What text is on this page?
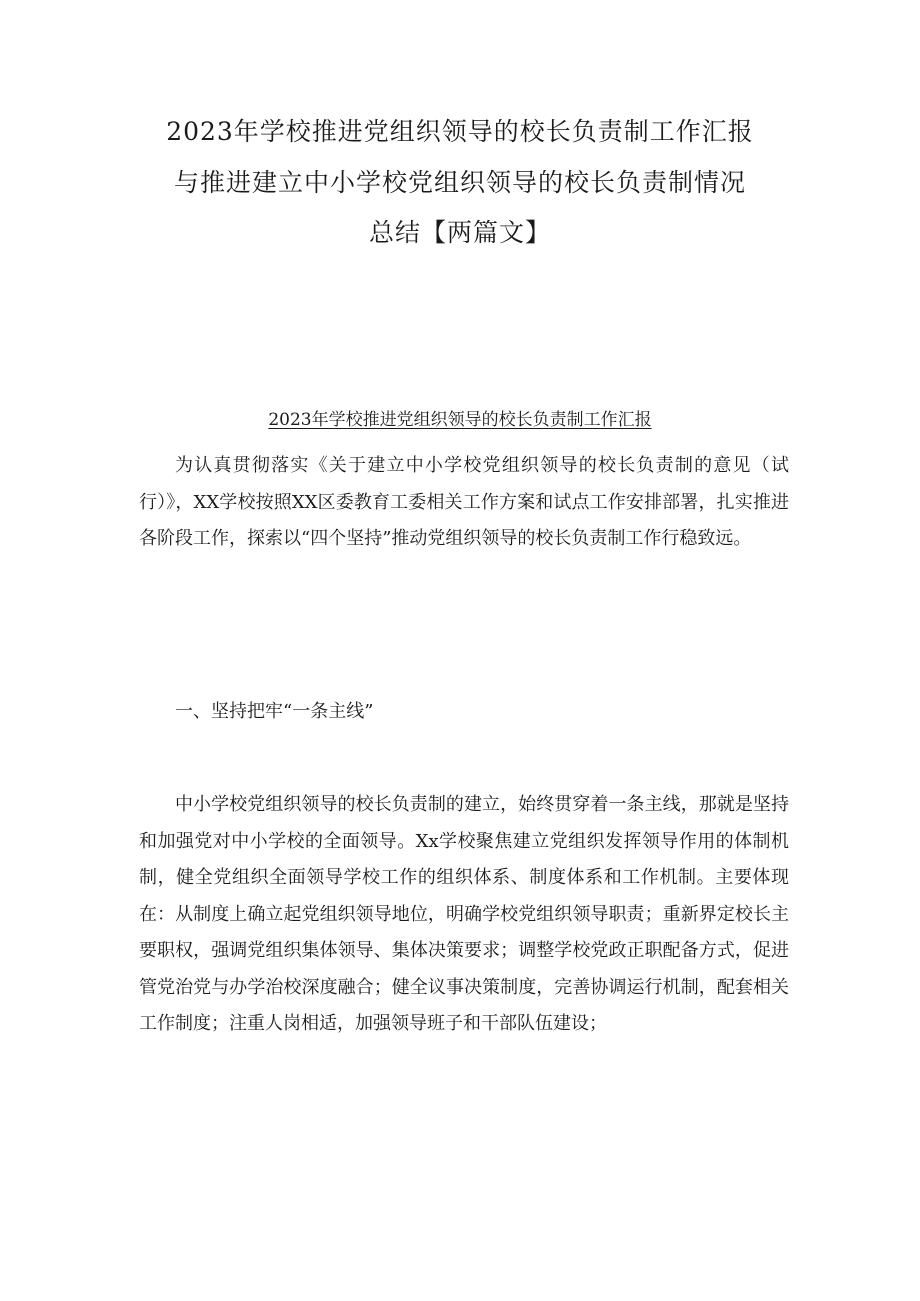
2023年学校推进党组织领导的校长负责制工作汇报
与推进建立中小学校党组织领导的校长负责制情况
总结【两篇文】
2023年学校推进党组织领导的校长负责制工作汇报

为认真贯彻落实《关于建立中小学校党组织领导的校长负责制的意见（试行）》，XX学校按照XX区委教育工委相关工作方案和试点工作安排部署，扎实推进各阶段工作，探索以“四个坚持”推动党组织领导的校长负责制工作行稳致远。

一、坚持把牢“一条主线”

中小学校党组织领导的校长负责制的建立，始终贯穿着一条主线，那就是坚持和加强党对中小学校的全面领导。Xx学校聚焦建立党组织发挥领导作用的体制机制，健全党组织全面领导学校工作的组织体系、制度体系和工作机制。主要体现在：从制度上确立起党组织领导地位，明确学校党组织领导职责；重新界定校长主要职权，强调党组织集体领导、集体决策要求；调整学校党政正职配备方式，促进管党治党与办学治校深度融合；健全议事决策制度，完善协调运行机制，配套相关工作制度；注重人岗相适，加强领导班子和干部队伍建设；
